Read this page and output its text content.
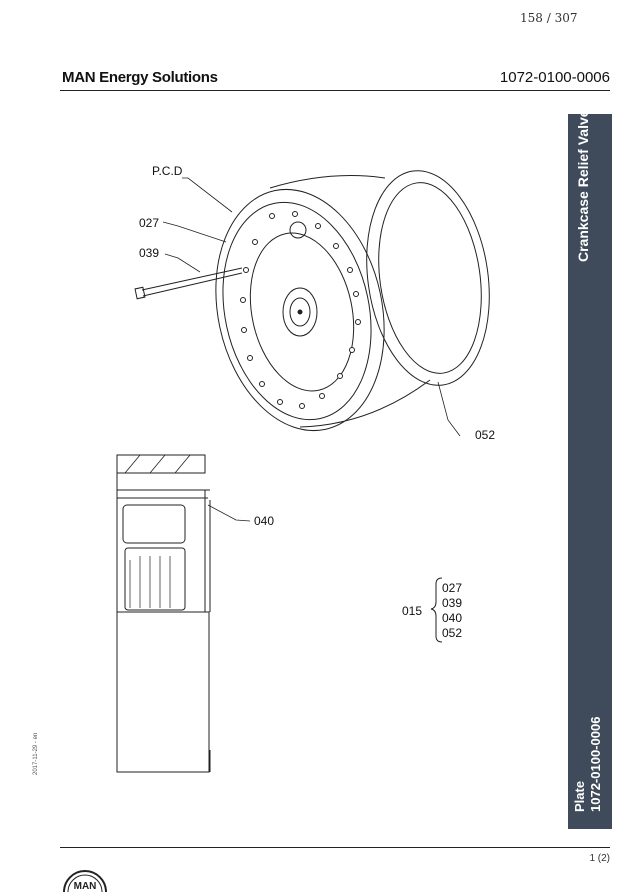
158 / 307
MAN Energy Solutions	1072-0100-0006
Crankcase Relief Valve
Plate 1072-0100-0006
2017-11-29 - en
P.C.D
027
039
052
040
015
027
039
040
052
1 (2)
MAN
